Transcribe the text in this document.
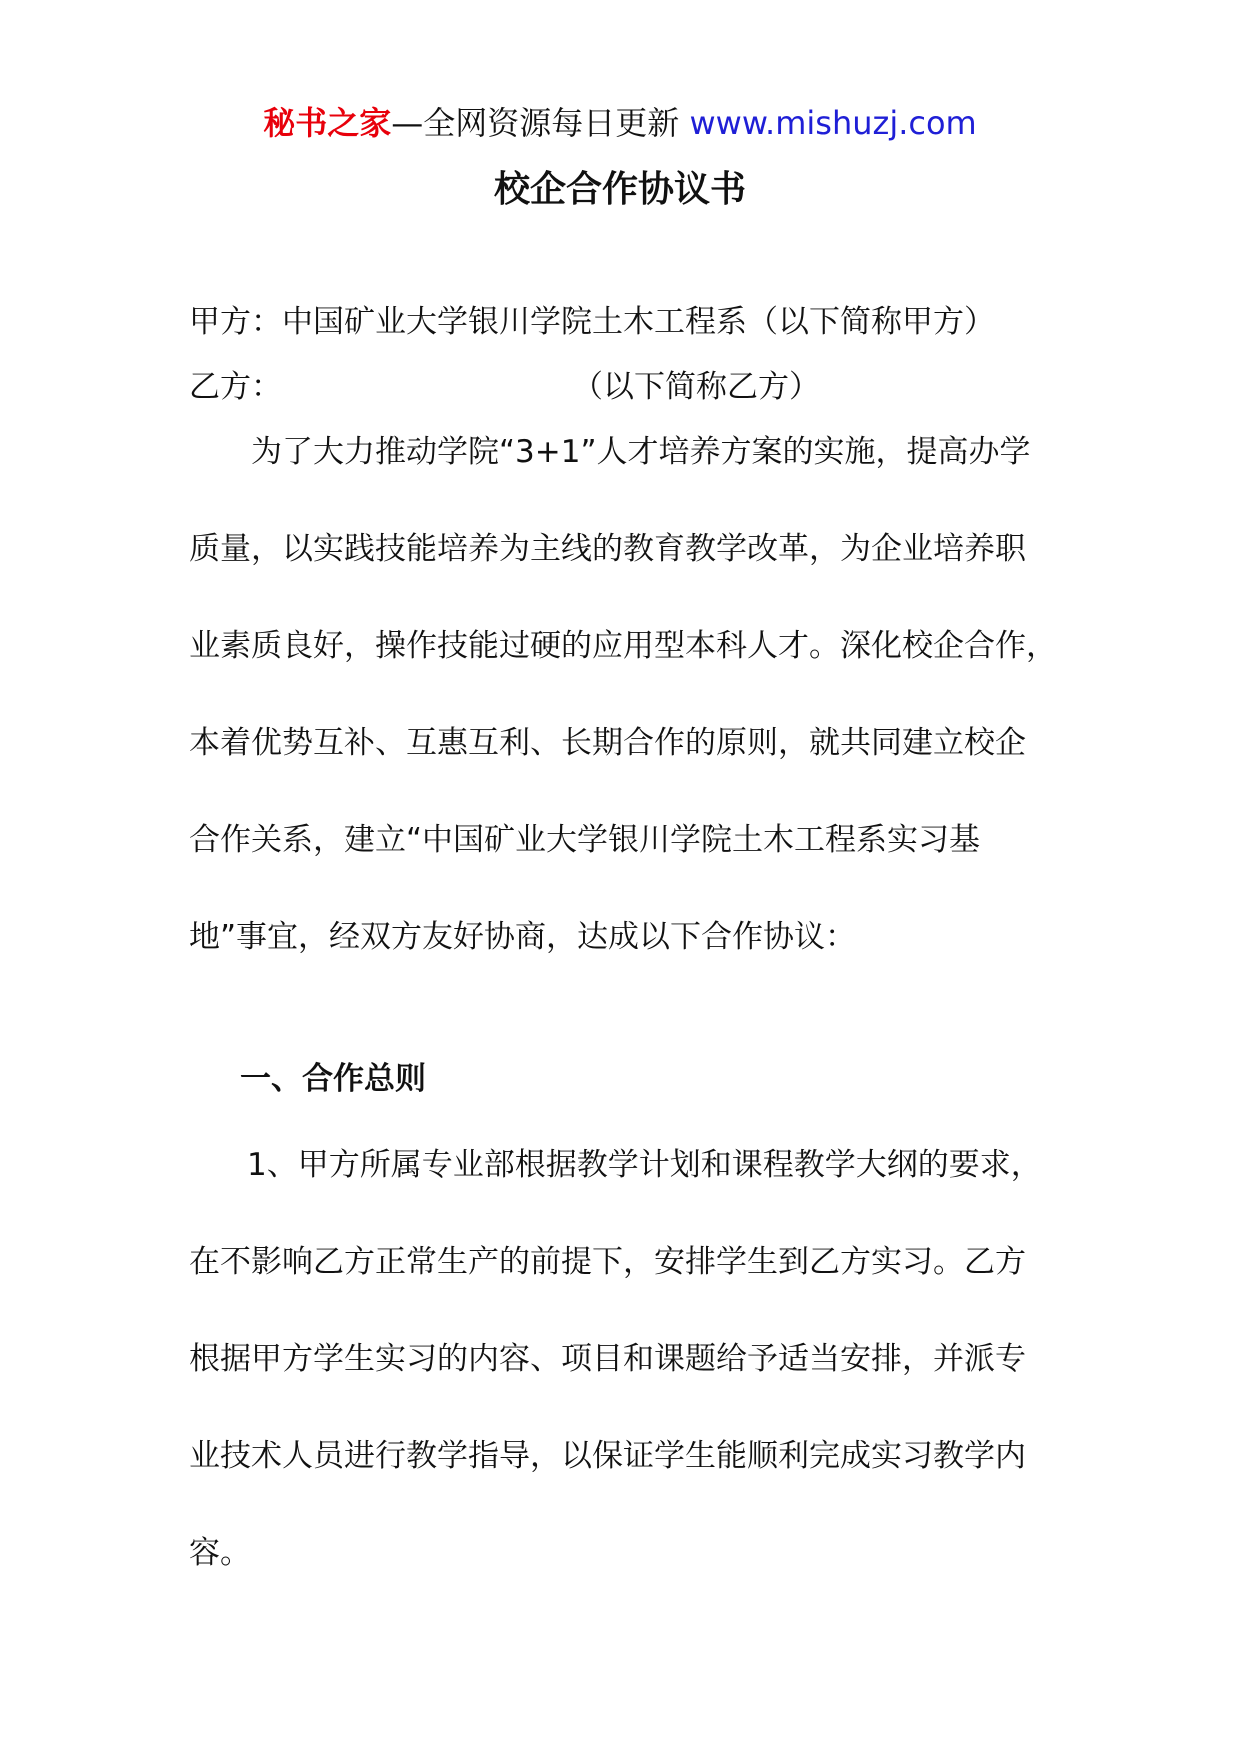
秘书之家—全网资源每日更新 www.mishuzj.com
校企合作协议书
甲方：中国矿业大学银川学院土木工程系（以下简称甲方）
乙方：	（以下简称乙方）
为了大力推动学院“3+1”人才培养方案的实施，提高办学
质量，以实践技能培养为主线的教育教学改革，为企业培养职
业素质良好，操作技能过硬的应用型本科人才。深化校企合作，
本着优势互补、互惠互利、长期合作的原则，就共同建立校企
合作关系，建立“中国矿业大学银川学院土木工程系实习基
地”事宜，经双方友好协商，达成以下合作协议：
一、合作总则
1、甲方所属专业部根据教学计划和课程教学大纲的要求，
在不影响乙方正常生产的前提下，安排学生到乙方实习。乙方
根据甲方学生实习的内容、项目和课题给予适当安排，并派专
业技术人员进行教学指导，以保证学生能顺利完成实习教学内
容。
